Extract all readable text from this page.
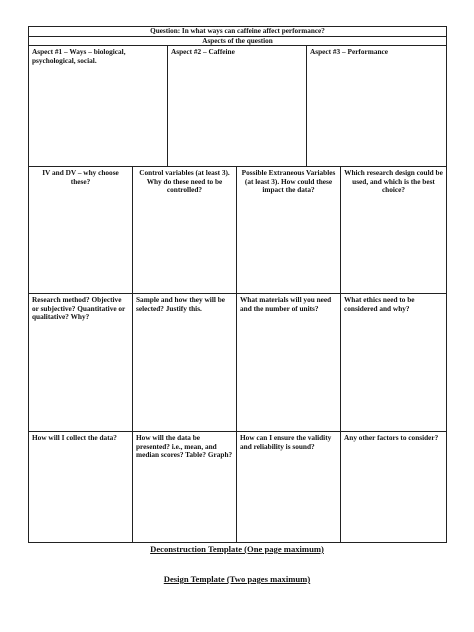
Question: In what ways can caffeine affect performance?
Aspects of the question
Aspect #1 – Ways – biological, psychological, social.
Aspect #2 – Caffeine	Aspect #3 – Performance
IV and DV – why choose these?
Control variables (at least 3). Why do these need to be controlled?
Possible Extraneous Variables (at least 3). How could these impact the data?
Which research design could be used, and which is the best choice?
Research method? Objective or subjective? Quantitative or qualitative? Why?
Sample and how they will be selected? Justify this.
What materials will you need and the number of units?
What ethics need to be considered and why?
How will I collect the data?	How will the data be presented? i.e., mean, and median scores? Table? Graph?
How can I ensure the validity and reliability is sound?
Any other factors to consider?
Deconstruction Template (One page maximum)
Design Template (Two pages maximum)
